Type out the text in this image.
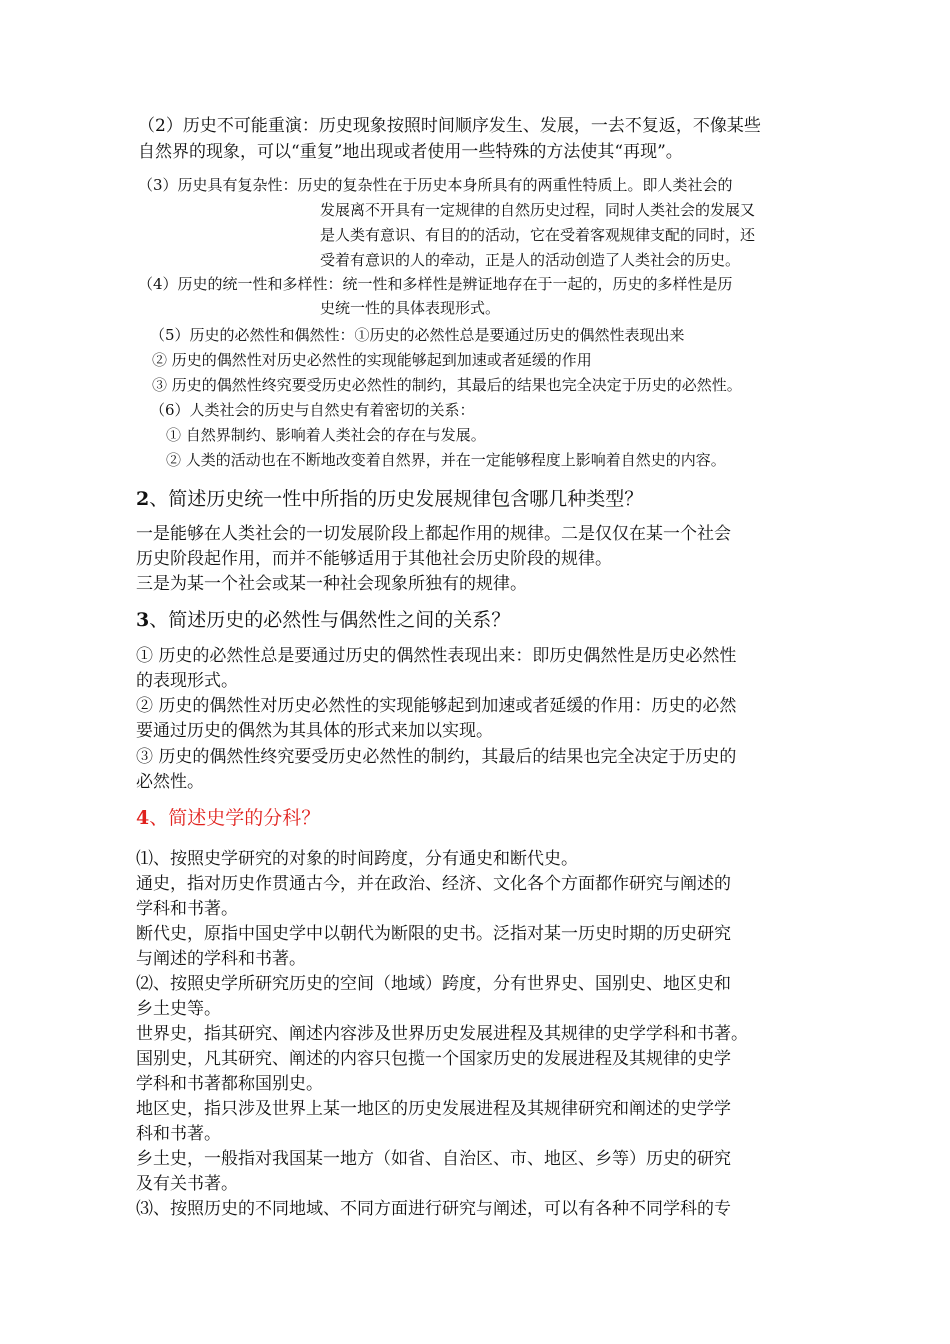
（2）历史不可能重演：历史现象按照时间顺序发生、发展，一去不复返，不像某些
自然界的现象，可以“重复”地出现或者使用一些特殊的方法使其“再现”。
（3）历史具有复杂性：历史的复杂性在于历史本身所具有的两重性特质上。即人类社会的
发展离不开具有一定规律的自然历史过程，同时人类社会的发展又
是人类有意识、有目的的活动，它在受着客观规律支配的同时，还
受着有意识的人的牵动，正是人的活动创造了人类社会的历史。
（4）历史的统一性和多样性：统一性和多样性是辨证地存在于一起的，历史的多样性是历
史统一性的具体表现形式。
（5）历史的必然性和偶然性：①历史的必然性总是要通过历史的偶然性表现出来
② 历史的偶然性对历史必然性的实现能够起到加速或者延缓的作用
③ 历史的偶然性终究要受历史必然性的制约，其最后的结果也完全决定于历史的必然性。
（6）人类社会的历史与自然史有着密切的关系：
① 自然界制约、影响着人类社会的存在与发展。
② 人类的活动也在不断地改变着自然界，并在一定能够程度上影响着自然史的内容。
2、简述历史统一性中所指的历史发展规律包含哪几种类型？
一是能够在人类社会的一切发展阶段上都起作用的规律。二是仅仅在某一个社会
历史阶段起作用，而并不能够适用于其他社会历史阶段的规律。
三是为某一个社会或某一种社会现象所独有的规律。
3、简述历史的必然性与偶然性之间的关系？
① 历史的必然性总是要通过历史的偶然性表现出来：即历史偶然性是历史必然性
的表现形式。
② 历史的偶然性对历史必然性的实现能够起到加速或者延缓的作用：历史的必然
要通过历史的偶然为其具体的形式来加以实现。
③ 历史的偶然性终究要受历史必然性的制约，其最后的结果也完全决定于历史的
必然性。
4、简述史学的分科？
⑴、按照史学研究的对象的时间跨度，分有通史和断代史。
通史，指对历史作贯通古今，并在政治、经济、文化各个方面都作研究与阐述的
学科和书著。
断代史，原指中国史学中以朝代为断限的史书。泛指对某一历史时期的历史研究
与阐述的学科和书著。
⑵、按照史学所研究历史的空间（地域）跨度，分有世界史、国别史、地区史和
乡土史等。
世界史，指其研究、阐述内容涉及世界历史发展进程及其规律的史学学科和书著。
国别史，凡其研究、阐述的内容只包揽一个国家历史的发展进程及其规律的史学
学科和书著都称国别史。
地区史，指只涉及世界上某一地区的历史发展进程及其规律研究和阐述的史学学
科和书著。
乡土史，一般指对我国某一地方（如省、自治区、市、地区、乡等）历史的研究
及有关书著。
⑶、按照历史的不同地域、不同方面进行研究与阐述，可以有各种不同学科的专
